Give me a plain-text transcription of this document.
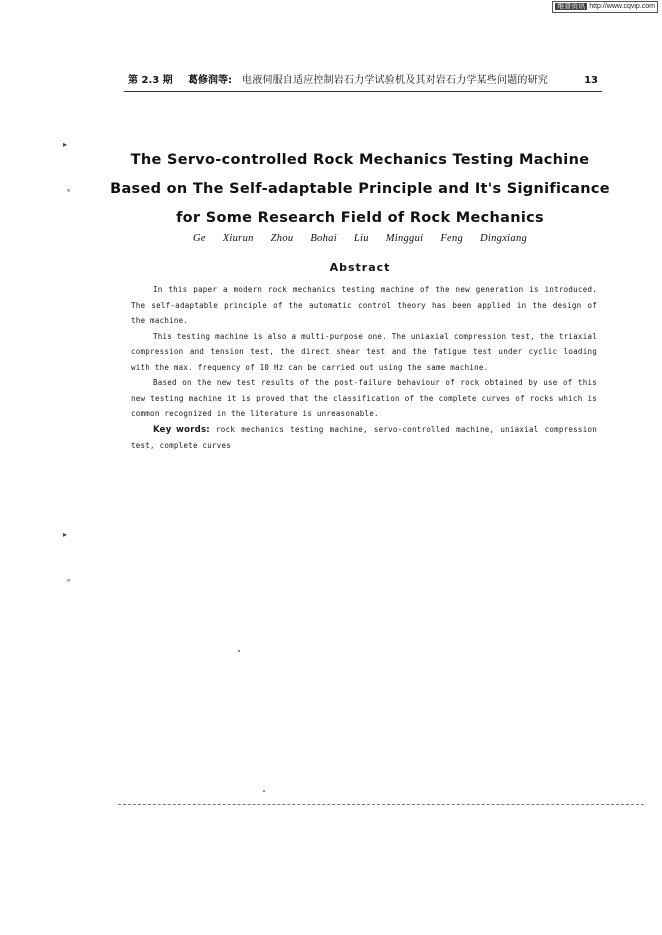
维普资讯 http://www.cqvip.com
第 2.3 期 葛修润等: 电液伺服自适应控制岩石力学试验机及其对岩石力学某些问题的研究	13
The Servo-controlled Rock Mechanics Testing Machine
Based on The Self-adaptable Principle and It's Significance
for Some Research Field of Rock Mechanics
Ge Xiurun Zhou Bohai Liu Minggui Feng Dingxiang
Abstract

In this paper a modern rock mechanics testing machine of the new generation is introduced. The self-adaptable principle of the automatic control theory has been applied in the design of the machine.

This testing machine is also a multi-purpose one. The uniaxial compression test, the triaxial compression and tension test, the direct shear test and the fatigue test under cyclic loading with the max. frequency of 10 Hz can be carried out using the same machine.

Based on the new test results of the post-failure behaviour of rock obtained by use of this new testing machine it is proved that the classification of the complete curves of rocks which is common recognized in the literature is unreasonable.

Key words: rock mechanics testing machine, servo-controlled machine, uniaxial compression test, complete curves

▸
∘
▸
∘
